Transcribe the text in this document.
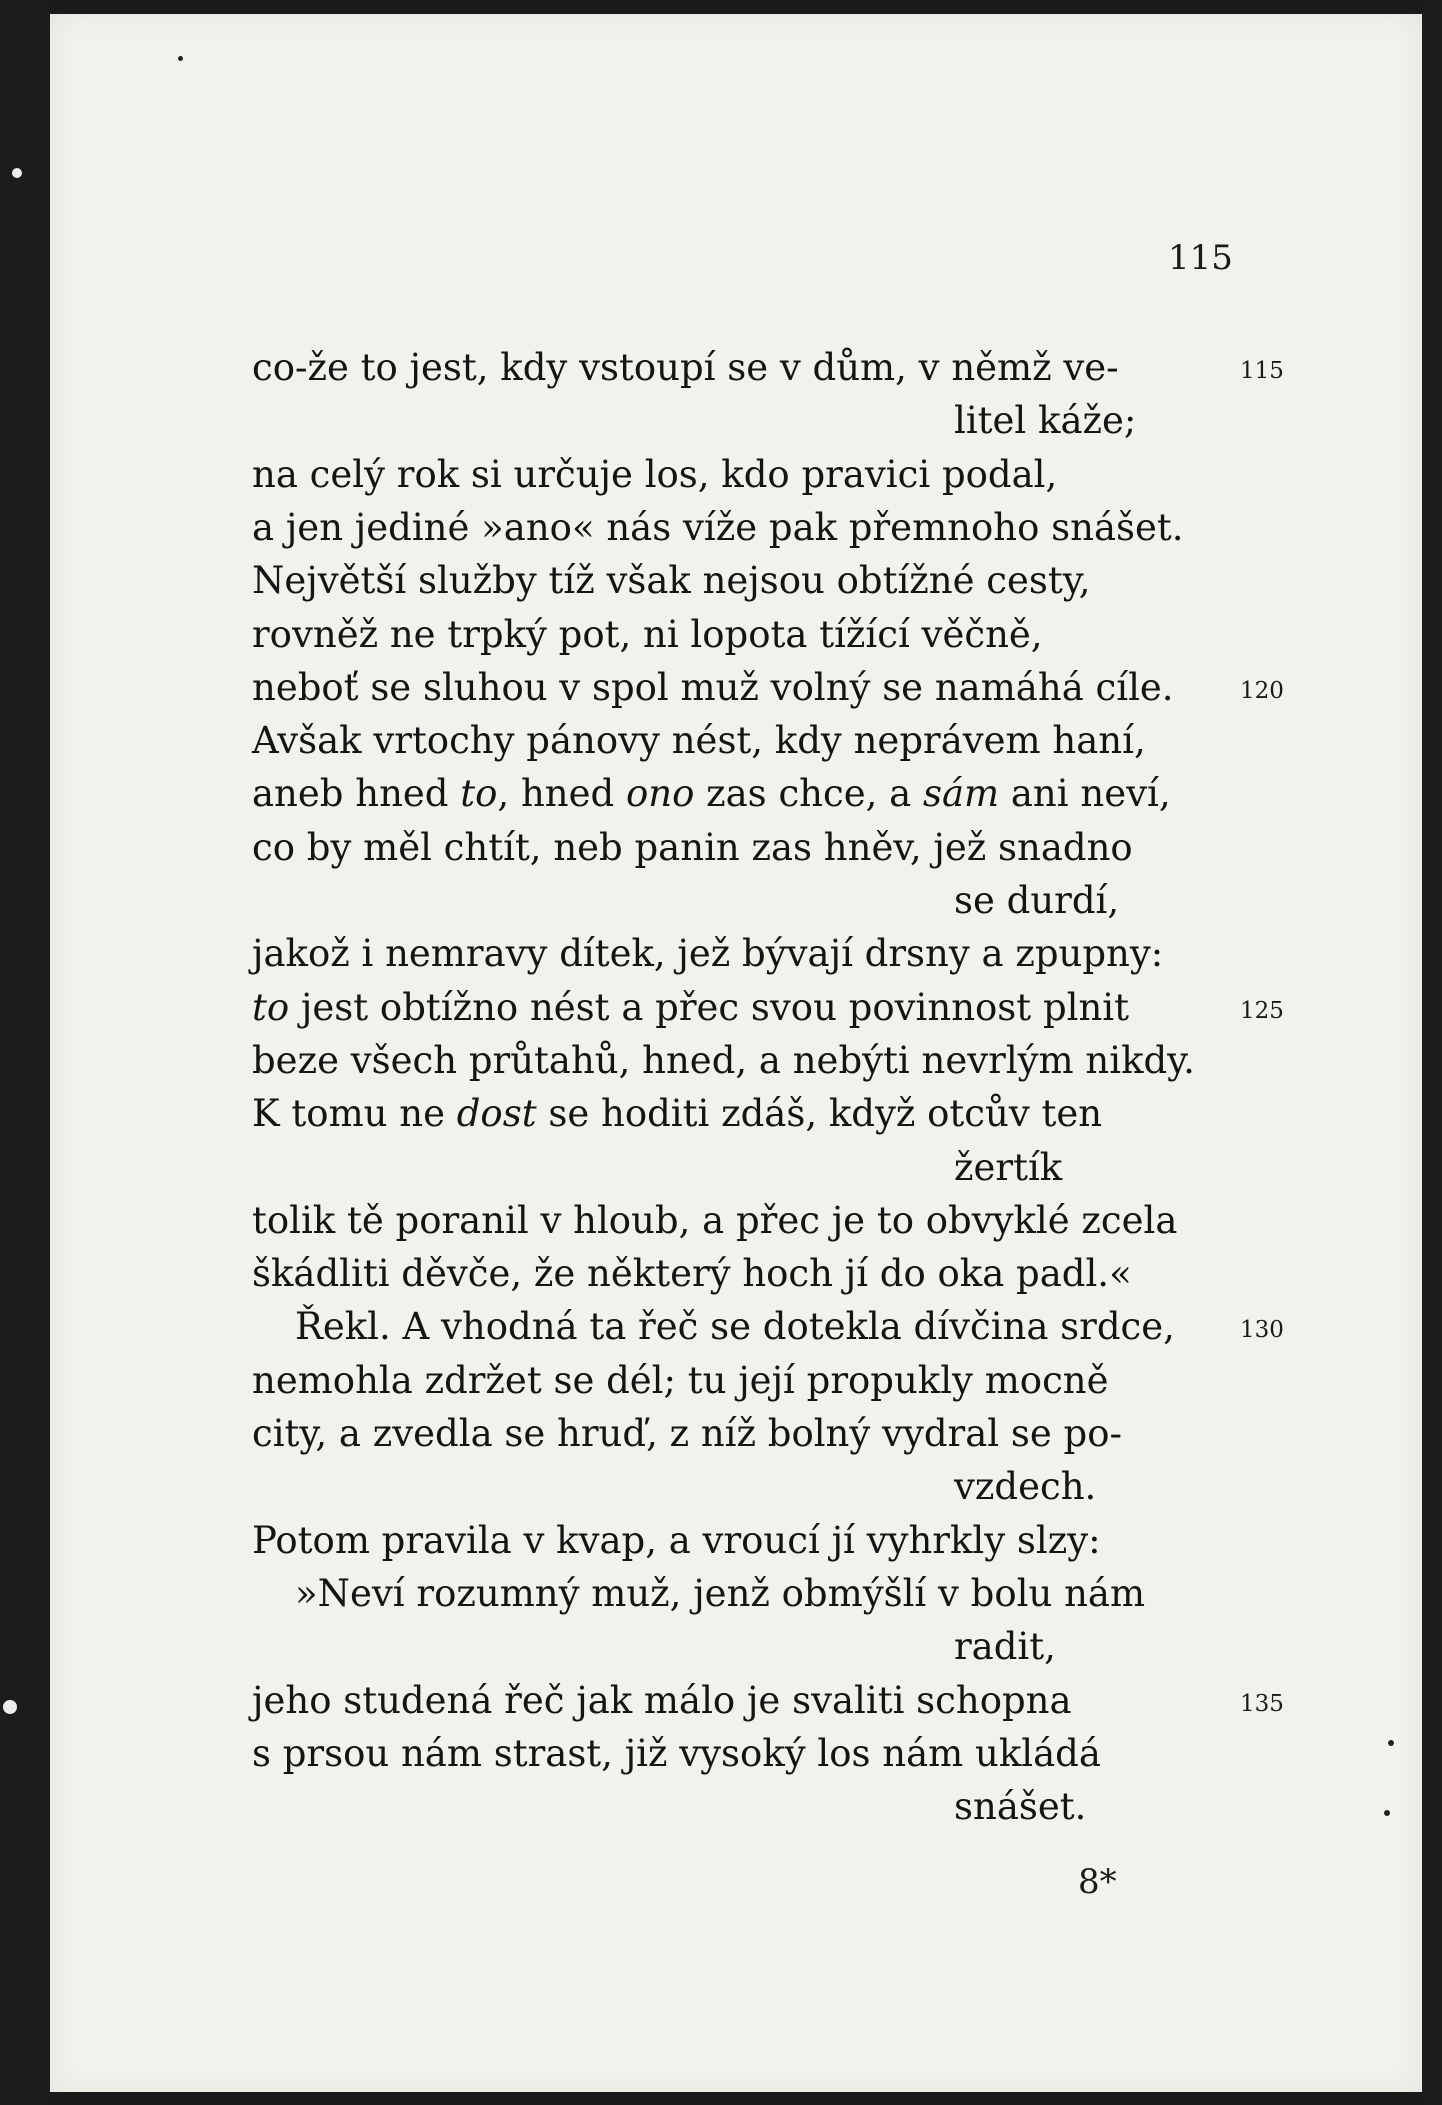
115
co-že to jest, kdy vstoupí se v dům, v němž ve-	115
litel káže;
na celý rok si určuje los, kdo pravici podal,
a jen jediné »ano« nás víže pak přemnoho snášet.
Největší služby tíž však nejsou obtížné cesty,
rovněž ne trpký pot, ni lopota tížící věčně,
neboť se sluhou v spol muž volný se namáhá cíle.	120
Avšak vrtochy pánovy nést, kdy neprávem haní,
aneb hned to, hned ono zas chce, a sám ani neví,
co by měl chtít, neb panin zas hněv, jež snadno
se durdí,
jakož i nemravy dítek, jež bývají drsny a zpupny:
to jest obtížno nést a přec svou povinnost plnit	125
beze všech průtahů, hned, a nebýti nevrlým nikdy.
K tomu ne dost se hoditi zdáš, když otcův ten
žertík
tolik tě poranil v hloub, a přec je to obvyklé zcela
škádliti děvče, že některý hoch jí do oka padl.«
Řekl. A vhodná ta řeč se dotekla dívčina srdce,	130
nemohla zdržet se dél; tu její propukly mocně
city, a zvedla se hruď, z níž bolný vydral se po-
vzdech.
Potom pravila v kvap, a vroucí jí vyhrkly slzy:
»Neví rozumný muž, jenž obmýšlí v bolu nám
radit,
jeho studená řeč jak málo je svaliti schopna	135
s prsou nám strast, již vysoký los nám ukládá
snášet.
8*
